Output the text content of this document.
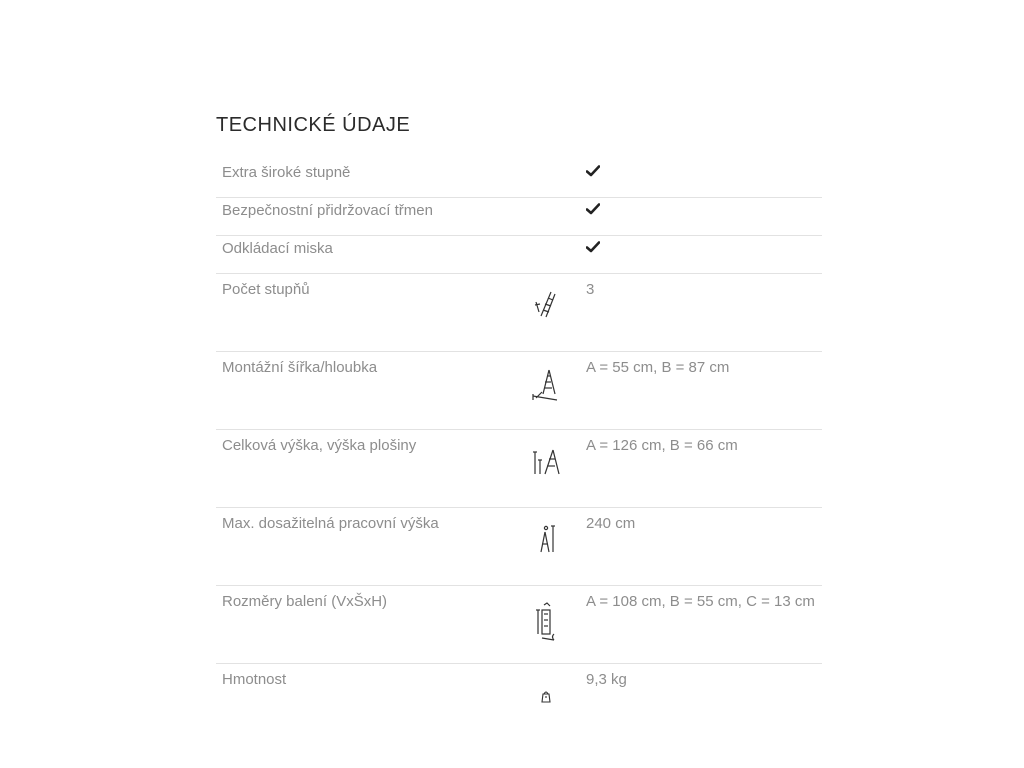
TECHNICKÉ ÚDAJE
Extra široké stupně		
Bezpečnostní přidržovací třmen		
Odkládací miska		
Počet stupňů		3
Montážní šířka/hloubka		A = 55 cm, B = 87 cm
Celková výška, výška plošiny		A = 126 cm, B = 66 cm
Max. dosažitelná pracovní výška		240 cm
Rozměry balení (VxŠxH)		A = 108 cm, B = 55 cm, C = 13 cm
Hmotnost		9,3 kg
